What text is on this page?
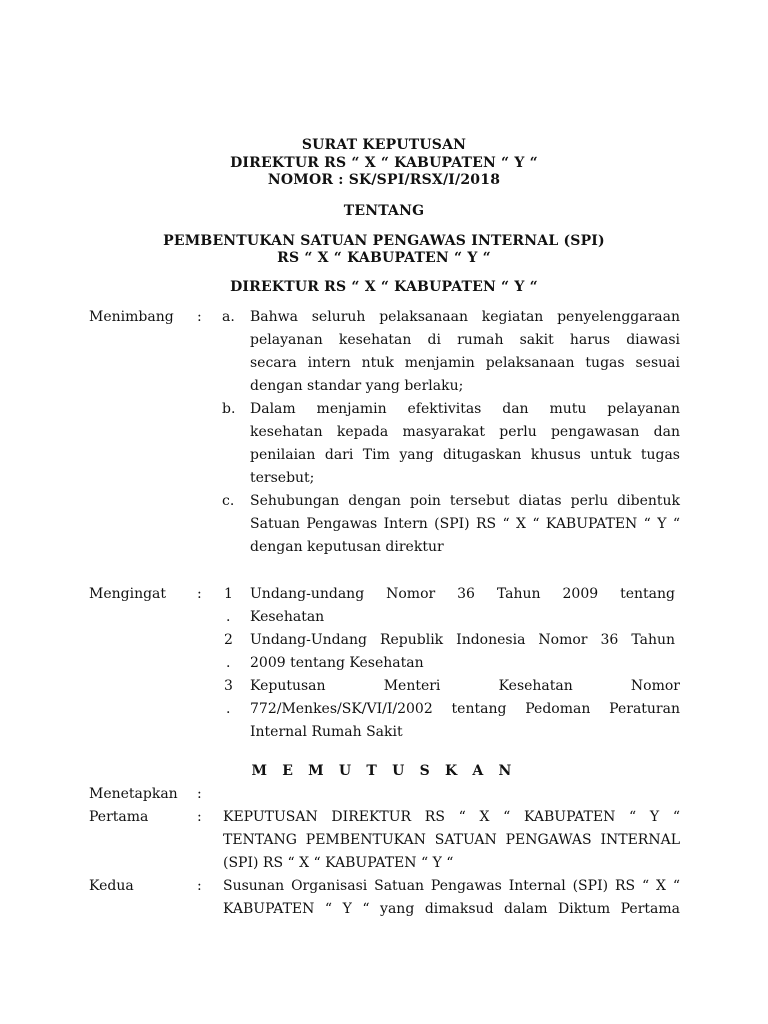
SURAT KEPUTUSAN
DIREKTUR RS “ X “ KABUPATEN “ Y “
NOMOR : SK/SPI/RSX/I/2018
TENTANG
PEMBENTUKAN SATUAN PENGAWAS INTERNAL (SPI)
RS “ X “ KABUPATEN “ Y “
DIREKTUR RS “ X “ KABUPATEN “ Y “
Menimbang : a. Bahwa seluruh pelaksanaan kegiatan penyelenggaraan
pelayanan kesehatan di rumah sakit harus diawasi
secara intern ntuk menjamin pelaksanaan tugas sesuai
dengan standar yang berlaku;
b. Dalam menjamin efektivitas dan mutu pelayanan
kesehatan kepada masyarakat perlu pengawasan dan
penilaian dari Tim yang ditugaskan khusus untuk tugas
tersebut;
c. Sehubungan dengan poin tersebut diatas perlu dibentuk
Satuan Pengawas Intern (SPI) RS “ X “ KABUPATEN “ Y “
dengan keputusan direktur
Mengingat : 1
.
Undang-undang Nomor 36 Tahun 2009 tentang
Kesehatan
2
.
Undang-Undang Republik Indonesia Nomor 36 Tahun
2009 tentang Kesehatan
3
.
Keputusan Menteri Kesehatan Nomor
772/Menkes/SK/VI/I/2002 tentang Pedoman Peraturan
Internal Rumah Sakit
M E M U T U S K A N
Menetapkan :
Pertama	: KEPUTUSAN DIREKTUR RS “ X “ KABUPATEN “ Y “
TENTANG PEMBENTUKAN SATUAN PENGAWAS INTERNAL
(SPI) RS “ X “ KABUPATEN “ Y “
Kedua	: Susunan Organisasi Satuan Pengawas Internal (SPI) RS “ X “
KABUPATEN “ Y “ yang dimaksud dalam Diktum Pertama
